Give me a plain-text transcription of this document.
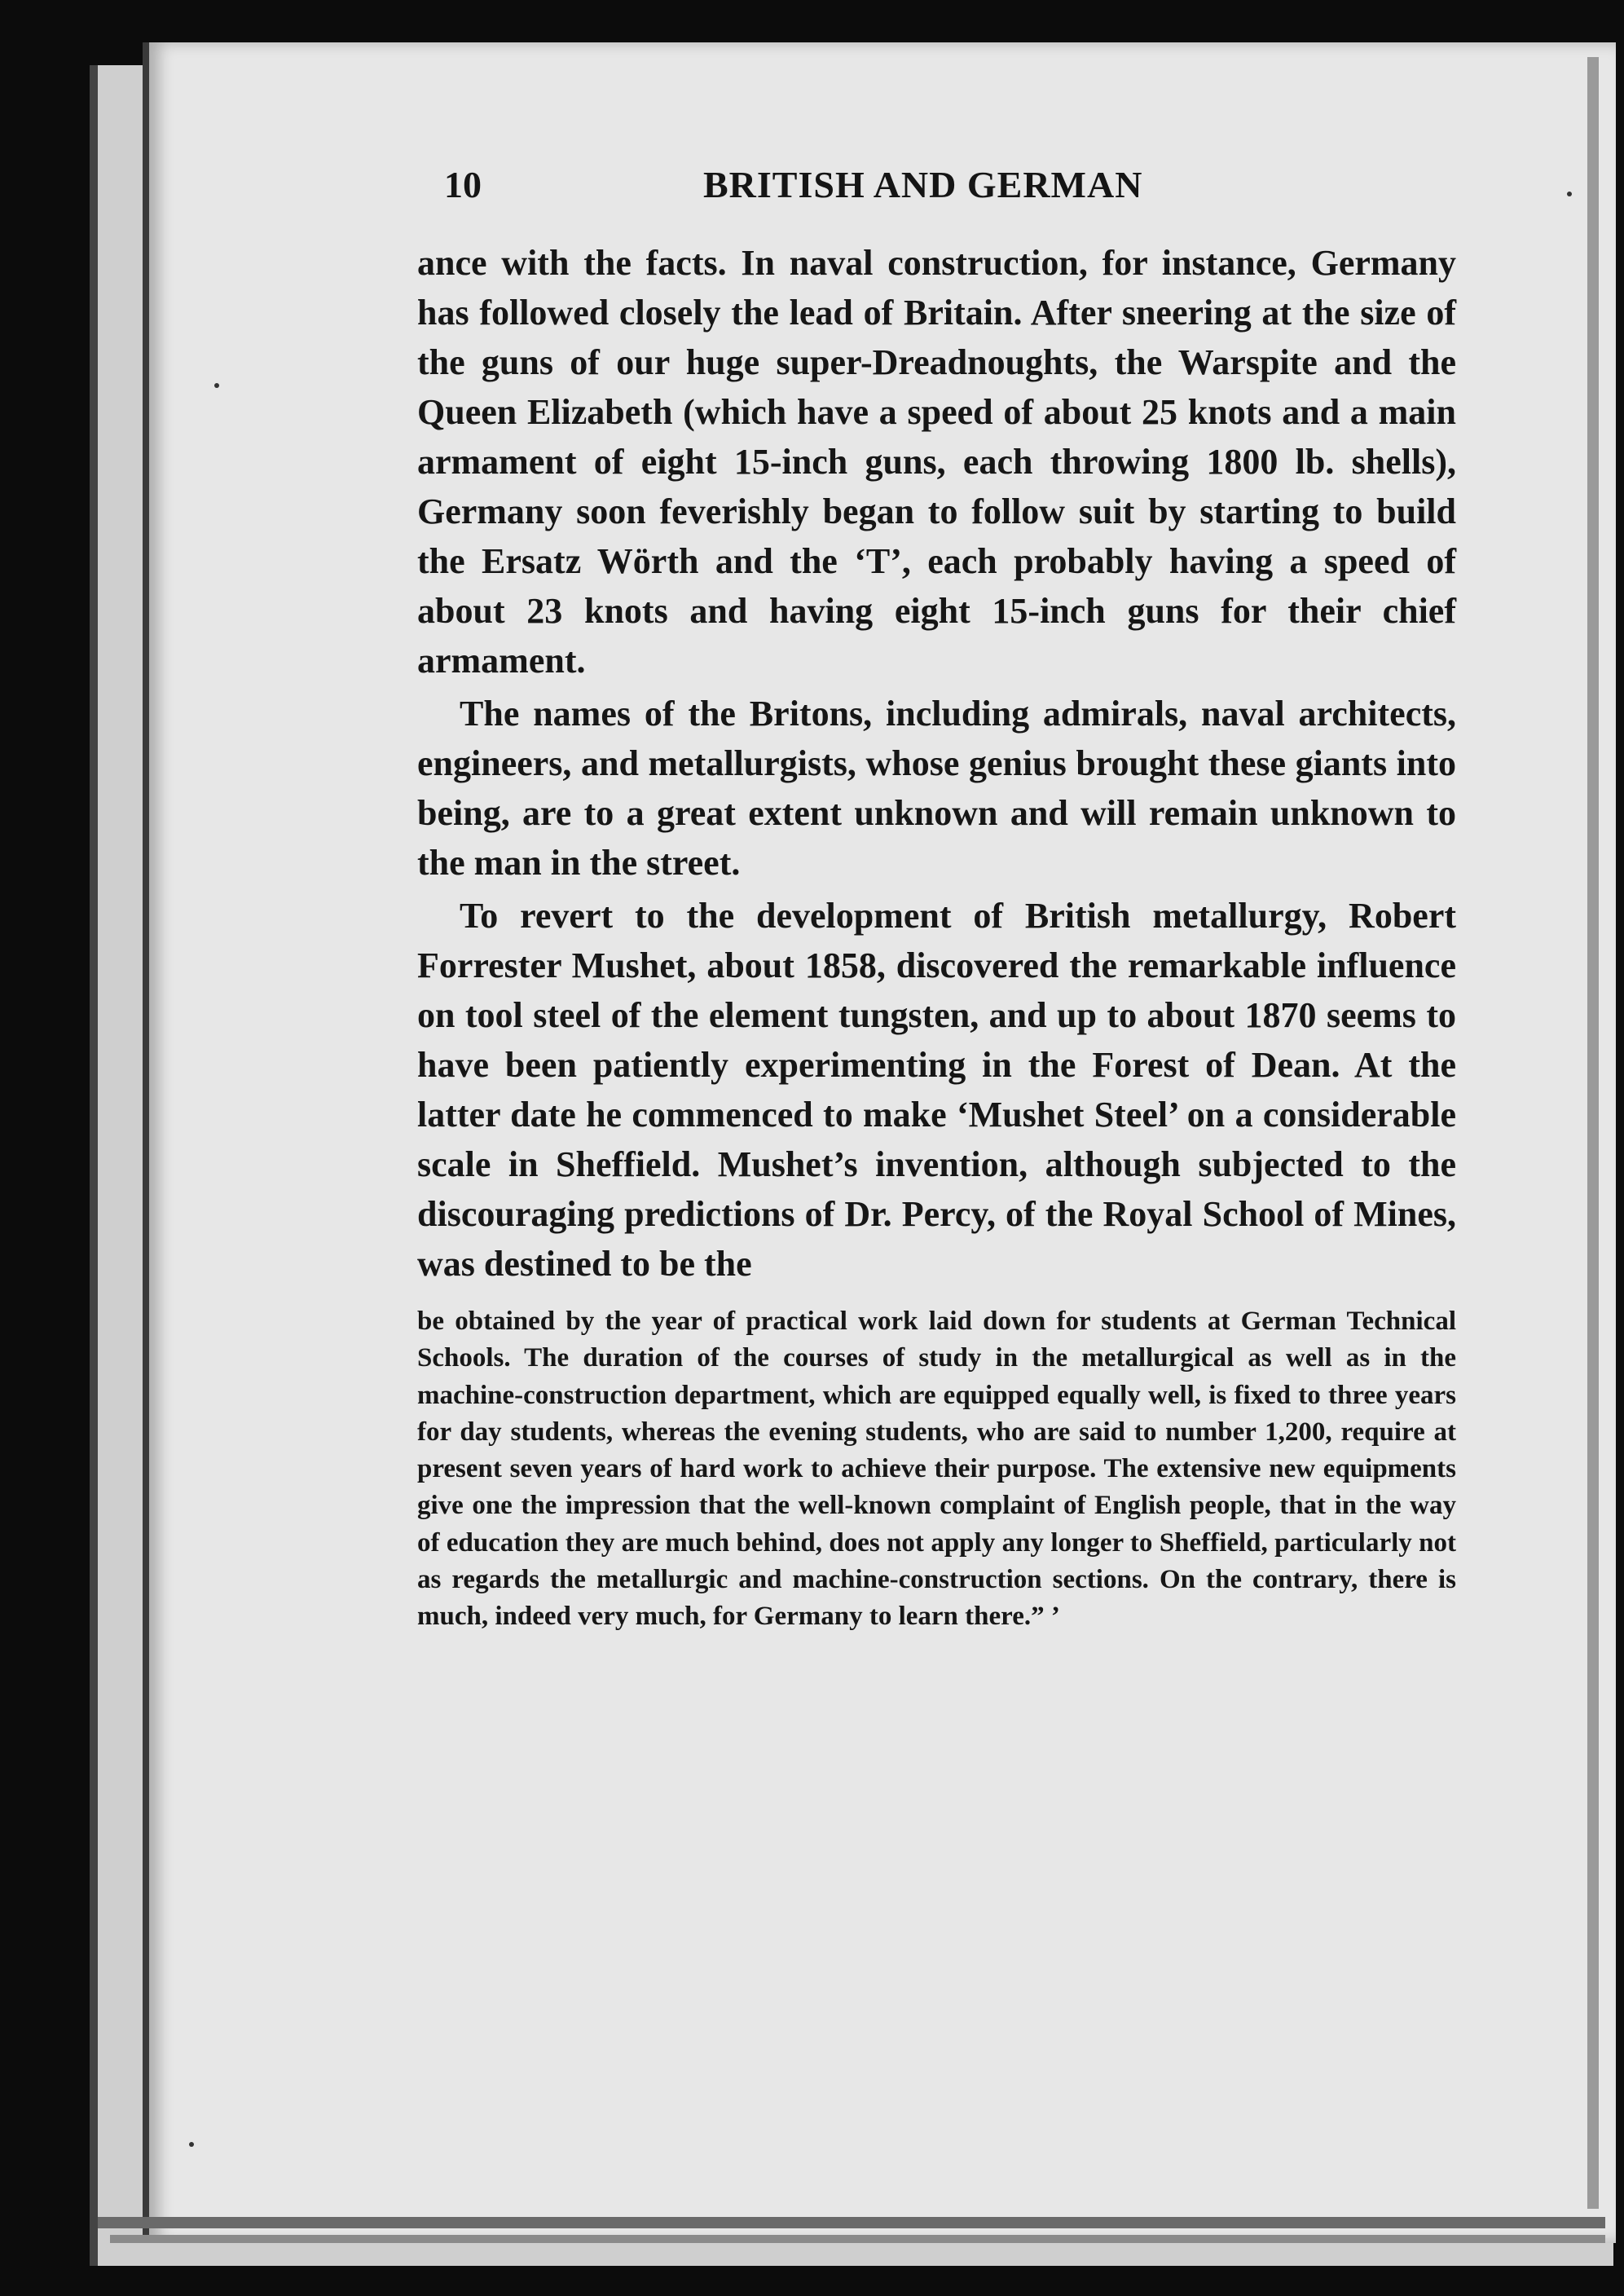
10	BRITISH AND GERMAN

ance with the facts. In naval construction, for instance, Germany has followed closely the lead of Britain. After sneering at the size of the guns of our huge super-Dreadnoughts, the Warspite and the Queen Elizabeth (which have a speed of about 25 knots and a main armament of eight 15-inch guns, each throwing 1800 lb. shells), Germany soon feverishly began to follow suit by starting to build the Ersatz Wörth and the ‘T’, each probably having a speed of about 23 knots and having eight 15-inch guns for their chief armament.

The names of the Britons, including admirals, naval architects, engineers, and metallurgists, whose genius brought these giants into being, are to a great extent unknown and will remain unknown to the man in the street.

To revert to the development of British metallurgy, Robert Forrester Mushet, about 1858, discovered the remarkable influence on tool steel of the element tungsten, and up to about 1870 seems to have been patiently experimenting in the Forest of Dean. At the latter date he commenced to make ‘Mushet Steel’ on a considerable scale in Sheffield. Mushet’s invention, although subjected to the discouraging predictions of Dr. Percy, of the Royal School of Mines, was destined to be the

be obtained by the year of practical work laid down for students at German Technical Schools. The duration of the courses of study in the metallurgical as well as in the machine-construction department, which are equipped equally well, is fixed to three years for day students, whereas the evening students, who are said to number 1,200, require at present seven years of hard work to achieve their purpose. The extensive new equipments give one the impression that the well-known complaint of English people, that in the way of education they are much behind, does not apply any longer to Sheffield, particularly not as regards the metallurgic and machine-construction sections. On the contrary, there is much, indeed very much, for Germany to learn there.” ’
